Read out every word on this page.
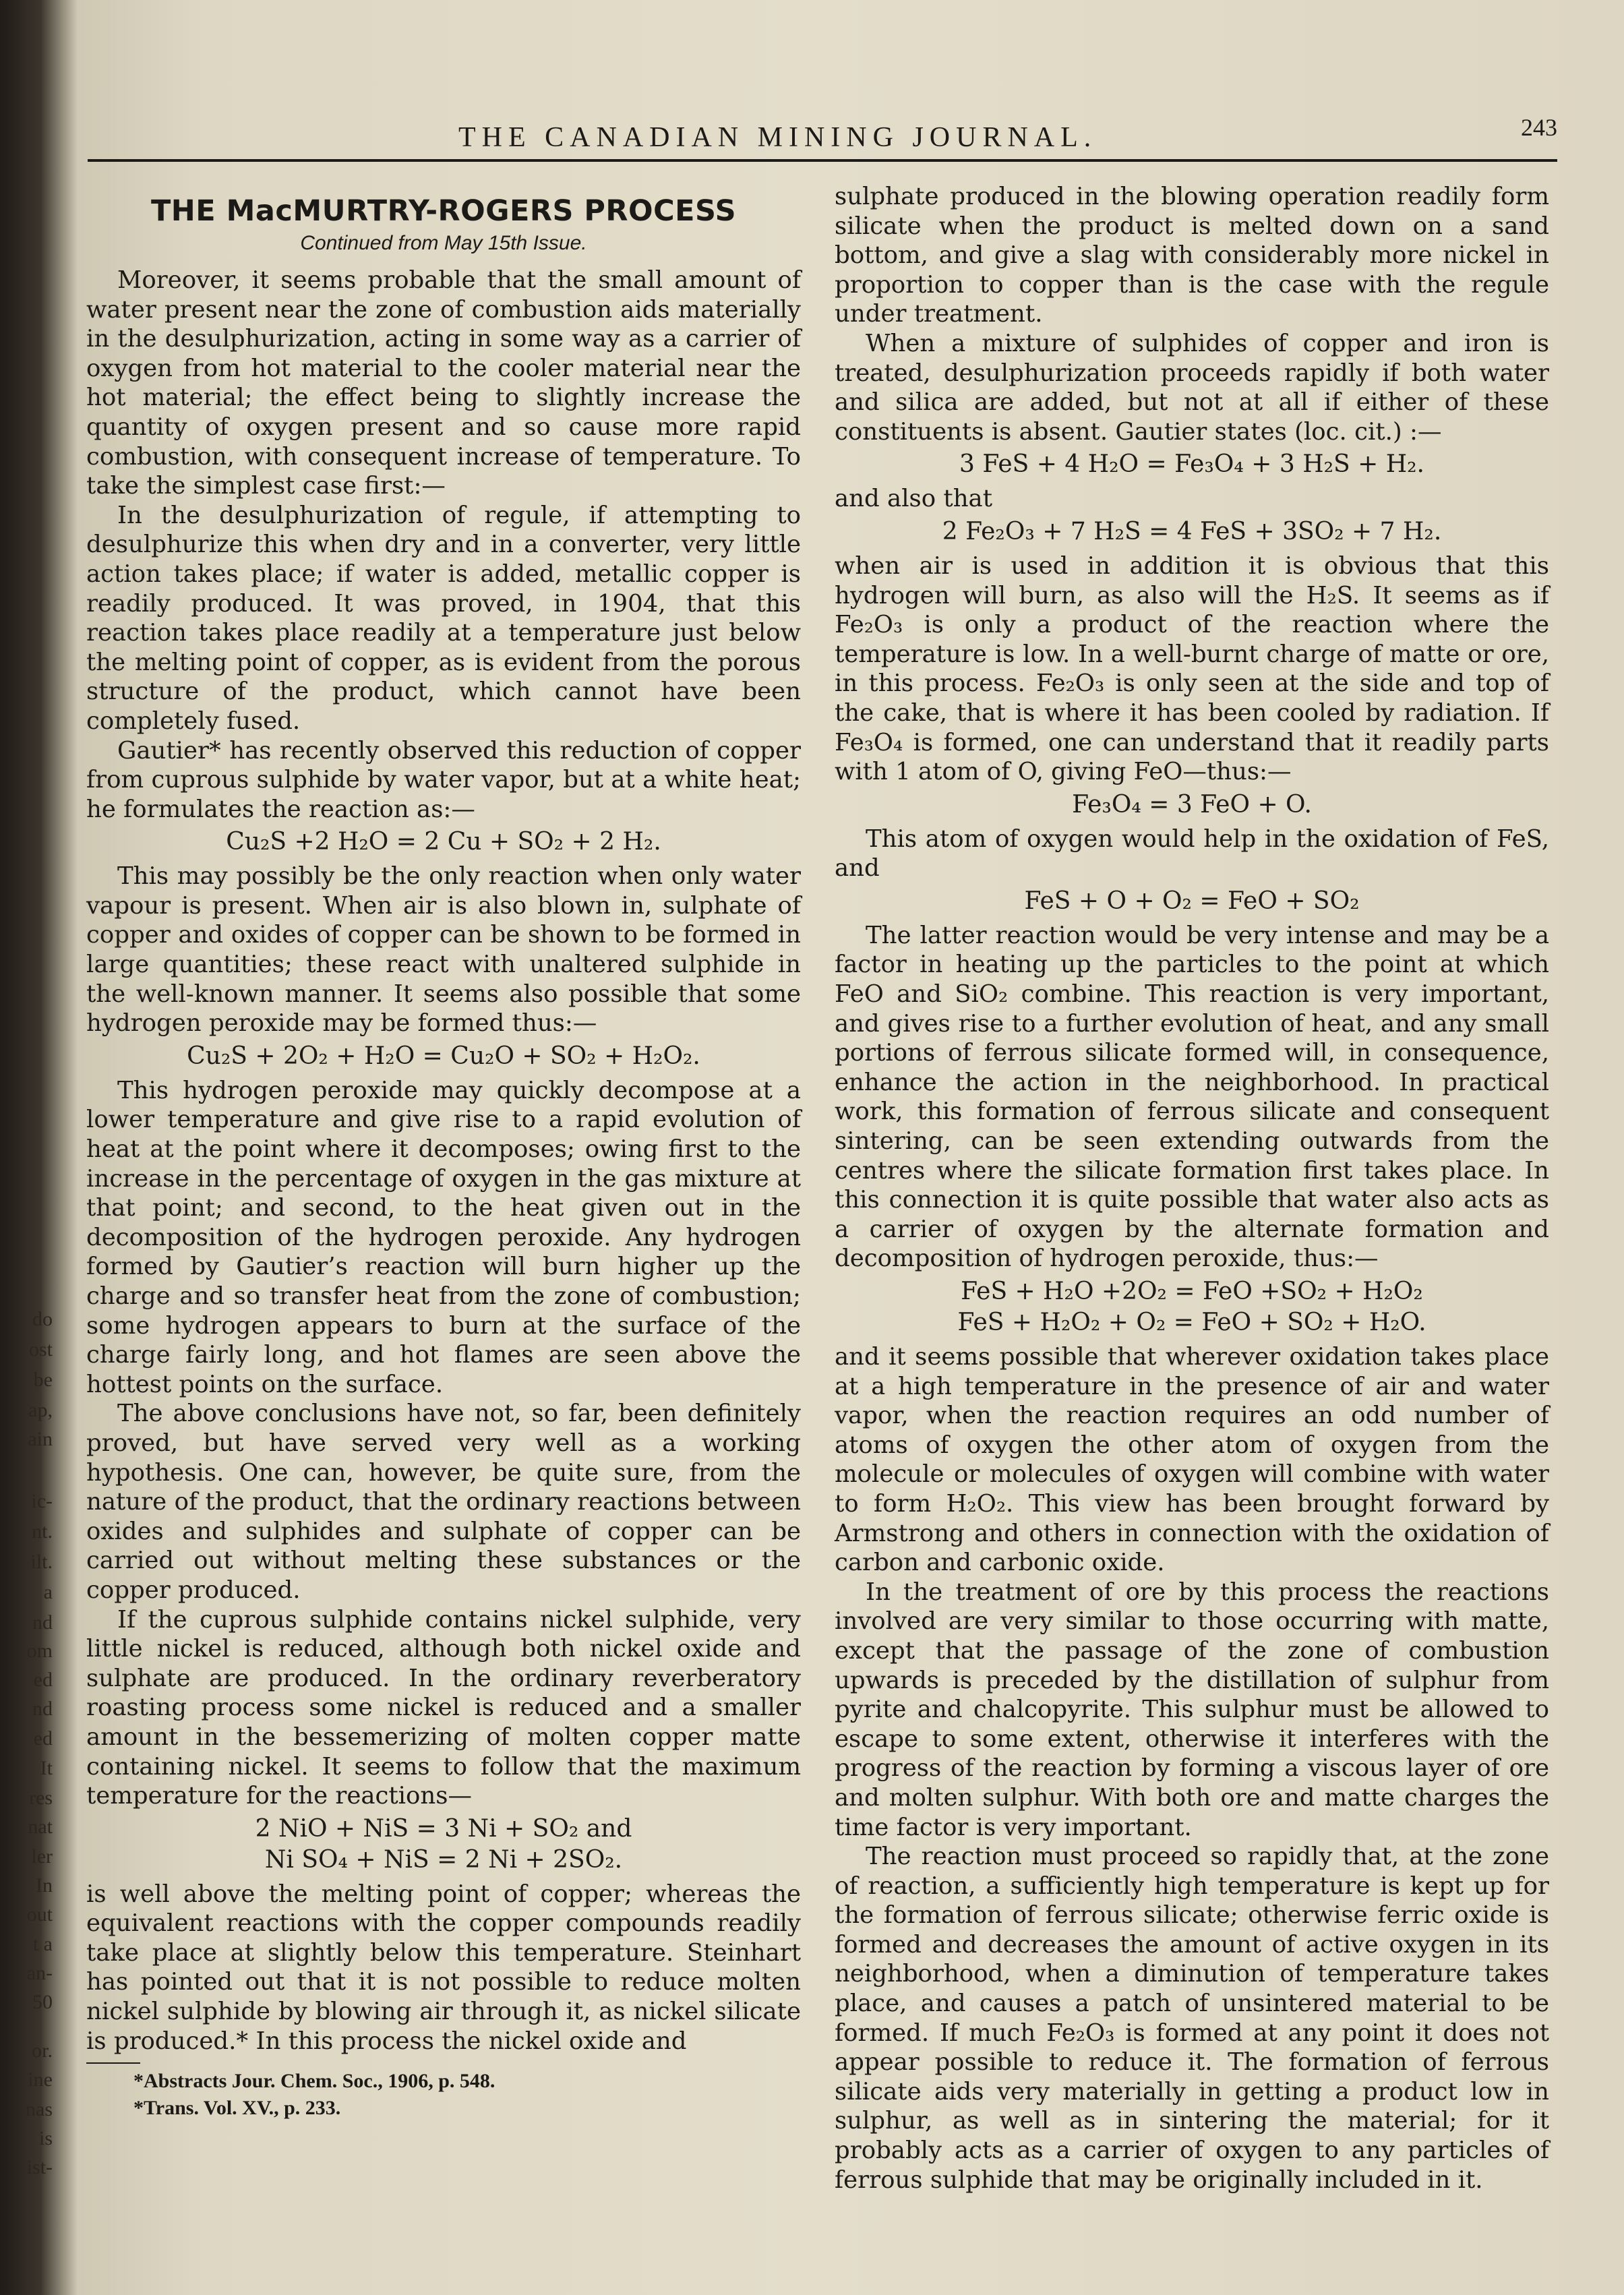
do
ost
be
ap,
ain
ic-
nt.
ilt.
a
nd
om
ed
nd
ed
It
res
nat
ler
In
out
t a
an-
50
or.
ine
nas
is
ist-
THE CANADIAN MINING JOURNAL.	243
THE MacMURTRY-ROGERS PROCESS
Continued from May 15th Issue.

Moreover, it seems probable that the small amount of water present near the zone of combustion aids materially in the desulphurization, acting in some way as a carrier of oxygen from hot material to the cooler material near the hot material; the effect being to slightly increase the quantity of oxygen present and so cause more rapid combustion, with consequent increase of temperature. To take the simplest case first:—

In the desulphurization of regule, if attempting to desulphurize this when dry and in a converter, very little action takes place; if water is added, metallic copper is readily produced. It was proved, in 1904, that this reaction takes place readily at a temperature just below the melting point of copper, as is evident from the porous structure of the product, which cannot have been completely fused.

Gautier* has recently observed this reduction of copper from cuprous sulphide by water vapor, but at a white heat; he formulates the reaction as:—

Cu₂S +2 H₂O = 2 Cu + SO₂ + 2 H₂.

This may possibly be the only reaction when only water vapour is present. When air is also blown in, sulphate of copper and oxides of copper can be shown to be formed in large quantities; these react with unaltered sulphide in the well-known manner. It seems also possible that some hydrogen peroxide may be formed thus:—

Cu₂S + 2O₂ + H₂O = Cu₂O + SO₂ + H₂O₂.

This hydrogen peroxide may quickly decompose at a lower temperature and give rise to a rapid evolution of heat at the point where it decomposes; owing first to the increase in the percentage of oxygen in the gas mixture at that point; and second, to the heat given out in the decomposition of the hydrogen peroxide. Any hydrogen formed by Gautier’s reaction will burn higher up the charge and so transfer heat from the zone of combustion; some hydrogen appears to burn at the surface of the charge fairly long, and hot flames are seen above the hottest points on the surface.

The above conclusions have not, so far, been definitely proved, but have served very well as a working hypothesis. One can, however, be quite sure, from the nature of the product, that the ordinary reactions between oxides and sulphides and sulphate of copper can be carried out without melting these substances or the copper produced.

If the cuprous sulphide contains nickel sulphide, very little nickel is reduced, although both nickel oxide and sulphate are produced. In the ordinary reverberatory roasting process some nickel is reduced and a smaller amount in the bessemerizing of molten copper matte containing nickel. It seems to follow that the maximum temperature for the reactions—

2 NiO + NiS = 3 Ni + SO₂ and
Ni SO₄ + NiS = 2 Ni + 2SO₂.

is well above the melting point of copper; whereas the equivalent reactions with the copper compounds readily take place at slightly below this temperature. Steinhart has pointed out that it is not possible to reduce molten nickel sulphide by blowing air through it, as nickel silicate is produced.* In this process the nickel oxide and

*Abstracts Jour. Chem. Soc., 1906, p. 548.
*Trans. Vol. XV., p. 233.

sulphate produced in the blowing operation readily form silicate when the product is melted down on a sand bottom, and give a slag with considerably more nickel in proportion to copper than is the case with the regule under treatment.

When a mixture of sulphides of copper and iron is treated, desulphurization proceeds rapidly if both water and silica are added, but not at all if either of these constituents is absent. Gautier states (loc. cit.) :—

3 FeS + 4 H₂O = Fe₃O₄ + 3 H₂S + H₂.

and also that

2 Fe₂O₃ + 7 H₂S = 4 FeS + 3SO₂ + 7 H₂.

when air is used in addition it is obvious that this hydrogen will burn, as also will the H₂S. It seems as if Fe₂O₃ is only a product of the reaction where the temperature is low. In a well-burnt charge of matte or ore, in this process. Fe₂O₃ is only seen at the side and top of the cake, that is where it has been cooled by radiation. If Fe₃O₄ is formed, one can understand that it readily parts with 1 atom of O, giving FeO—thus:—

Fe₃O₄ = 3 FeO + O.

This atom of oxygen would help in the oxidation of FeS, and

FeS + O + O₂ = FeO + SO₂

The latter reaction would be very intense and may be a factor in heating up the particles to the point at which FeO and SiO₂ combine. This reaction is very important, and gives rise to a further evolution of heat, and any small portions of ferrous silicate formed will, in consequence, enhance the action in the neighborhood. In practical work, this formation of ferrous silicate and consequent sintering, can be seen extending outwards from the centres where the silicate formation first takes place. In this connection it is quite possible that water also acts as a carrier of oxygen by the alternate formation and decomposition of hydrogen peroxide, thus:—

FeS + H₂O +2O₂ = FeO +SO₂ + H₂O₂
FeS + H₂O₂ + O₂ = FeO + SO₂ + H₂O.

and it seems possible that wherever oxidation takes place at a high temperature in the presence of air and water vapor, when the reaction requires an odd number of atoms of oxygen the other atom of oxygen from the molecule or molecules of oxygen will combine with water to form H₂O₂. This view has been brought forward by Armstrong and others in connection with the oxidation of carbon and carbonic oxide.

In the treatment of ore by this process the reactions involved are very similar to those occurring with matte, except that the passage of the zone of combustion upwards is preceded by the distillation of sulphur from pyrite and chalcopyrite. This sulphur must be allowed to escape to some extent, otherwise it interferes with the progress of the reaction by forming a viscous layer of ore and molten sulphur. With both ore and matte charges the time factor is very important.

The reaction must proceed so rapidly that, at the zone of reaction, a sufficiently high temperature is kept up for the formation of ferrous silicate; otherwise ferric oxide is formed and decreases the amount of active oxygen in its neighborhood, when a diminution of temperature takes place, and causes a patch of unsintered material to be formed. If much Fe₂O₃ is formed at any point it does not appear possible to reduce it. The formation of ferrous silicate aids very materially in getting a product low in sulphur, as well as in sintering the material; for it probably acts as a carrier of oxygen to any particles of ferrous sulphide that may be originally included in it.
